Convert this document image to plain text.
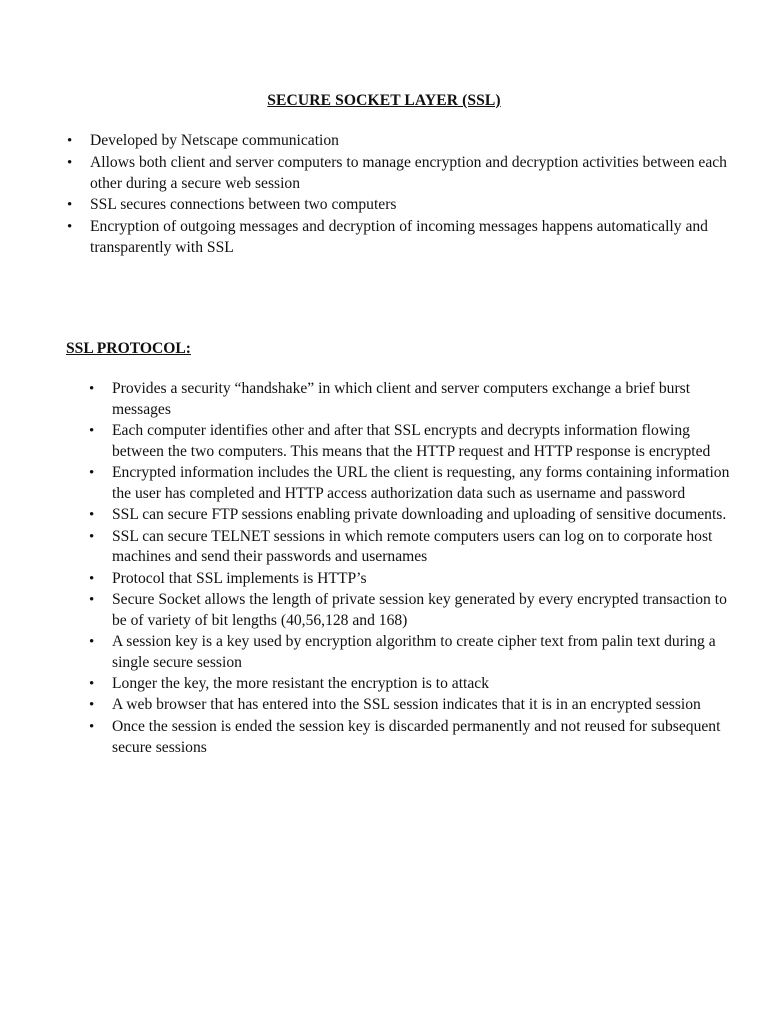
SECURE SOCKET LAYER (SSL)
• Developed by Netscape communication
• Allows both client and server computers to manage encryption and decryption activities between each other during a secure web session
• SSL secures connections between two computers
• Encryption of outgoing messages and decryption of incoming messages happens automatically and transparently with SSL
SSL PROTOCOL:
• Provides a security “handshake” in which client and server computers exchange a brief burst messages
• Each computer identifies other and after that SSL encrypts and decrypts information flowing between the two computers. This means that the HTTP request and HTTP response is encrypted
• Encrypted information includes the URL the client is requesting, any forms containing information the user has completed and HTTP access authorization data such as username and password
• SSL can secure FTP sessions enabling private downloading and uploading of sensitive documents.
• SSL can secure TELNET sessions in which remote computers users can log on to corporate host machines and send their passwords and usernames
• Protocol that SSL implements is HTTP’s
• Secure Socket allows the length of private session key generated by every encrypted transaction to be of variety of bit lengths (40,56,128 and 168)
• A session key is a key used by encryption algorithm to create cipher text from palin text during a single secure session
• Longer the key, the more resistant the encryption is to attack
• A web browser that has entered into the SSL session indicates that it is in an encrypted session
• Once the session is ended the session key is discarded permanently and not reused for subsequent secure sessions
